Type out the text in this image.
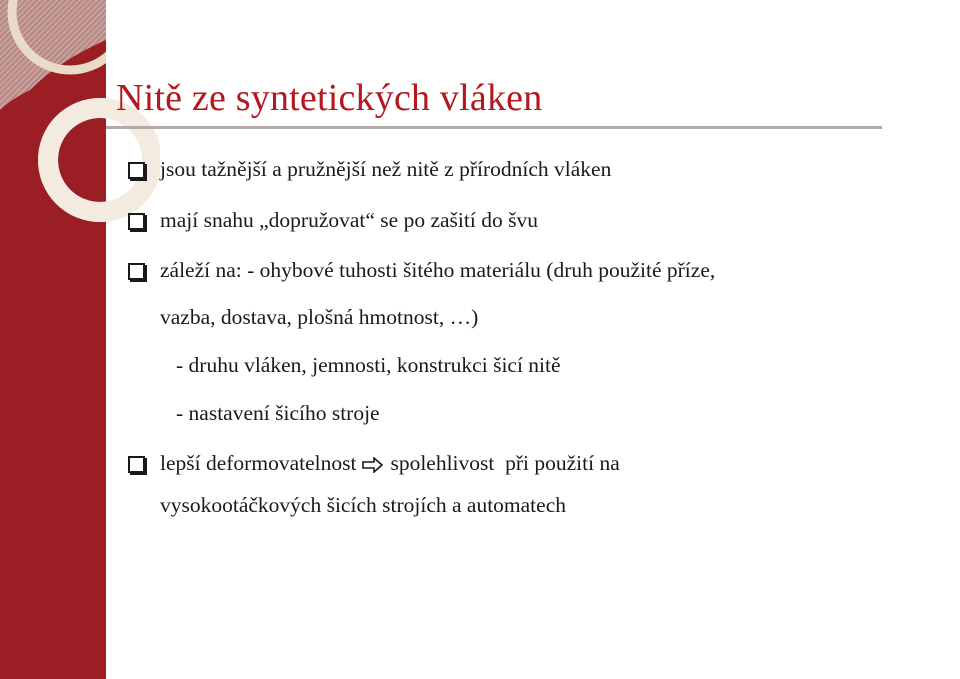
Nitě ze syntetických vláken
jsou tažnější a pružnější než nitě z přírodních vláken
mají snahu „dopružovat“ se po zašití do švu
záleží na: - ohybové tuhosti šitého materiálu (druh použité příze,
vazba, dostava, plošná hmotnost, …)
- druhu vláken, jemnosti, konstrukci šicí nitě
- nastavení šicího stroje
lepší deformovatelnost spolehlivost  při použití na
vysokootáčkových šicích strojích a automatech
